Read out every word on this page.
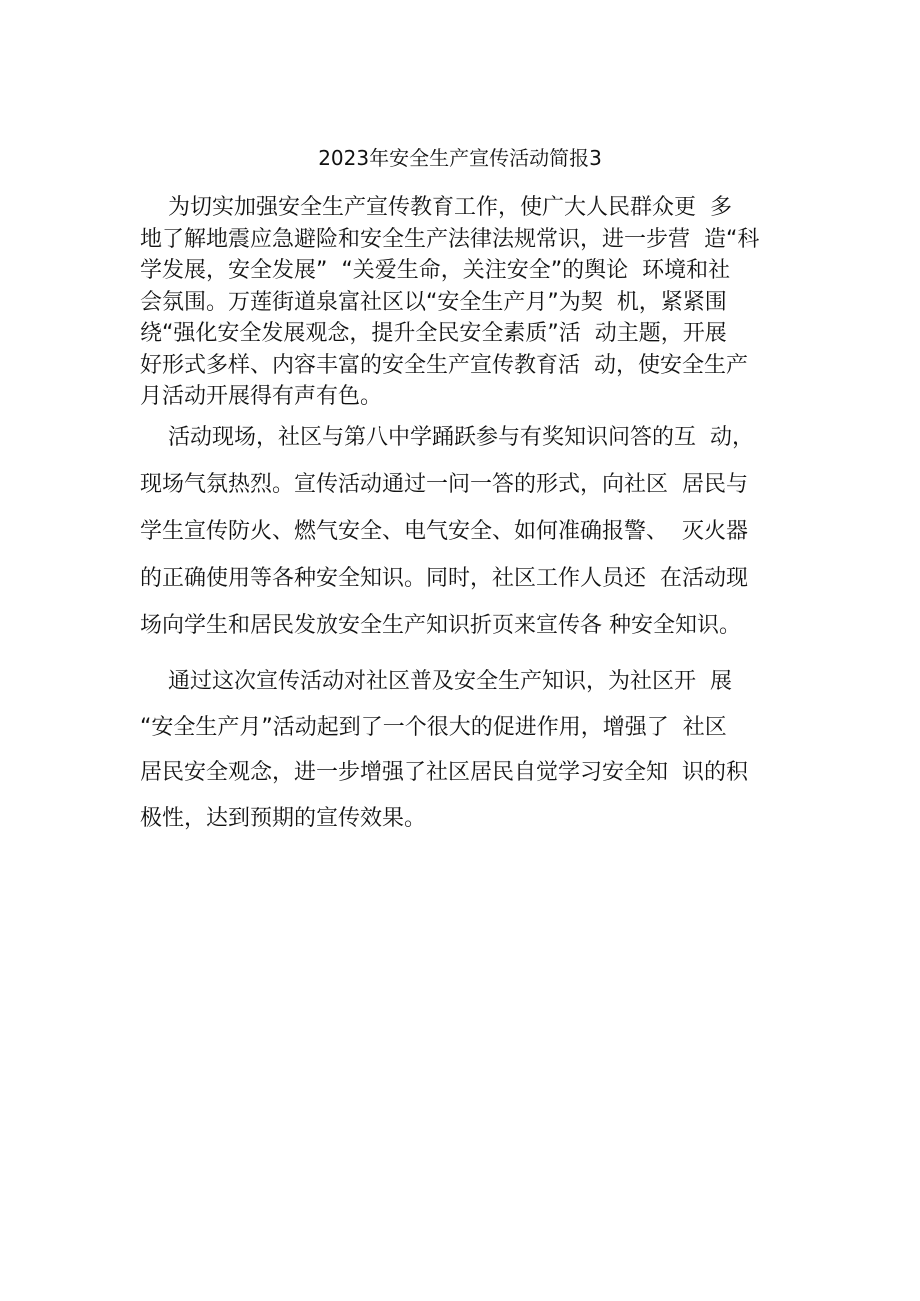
2023年安全生产宣传活动简报3
为切实加强安全生产宣传教育工作，使广大人民群众更  多
地了解地震应急避险和安全生产法律法规常识，进一步营  造“科
学发展，安全发展”  “关爱生命，关注安全”的舆论  环境和社
会氛围。万莲街道泉富社区以“安全生产月”为契  机，紧紧围
绕“强化安全发展观念，提升全民安全素质”活  动主题，开展
好形式多样、内容丰富的安全生产宣传教育活  动，使安全生产
月活动开展得有声有色。
活动现场，社区与第八中学踊跃参与有奖知识问答的互  动，
现场气氛热烈。宣传活动通过一问一答的形式，向社区  居民与
学生宣传防火、燃气安全、电气安全、如何准确报警、  灭火器
的正确使用等各种安全知识。同时，社区工作人员还  在活动现
场向学生和居民发放安全生产知识折页来宣传各 种安全知识。
通过这次宣传活动对社区普及安全生产知识，为社区开  展
“安全生产月”活动起到了一个很大的促进作用，增强了  社区
居民安全观念，进一步增强了社区居民自觉学习安全知  识的积
极性，达到预期的宣传效果。
